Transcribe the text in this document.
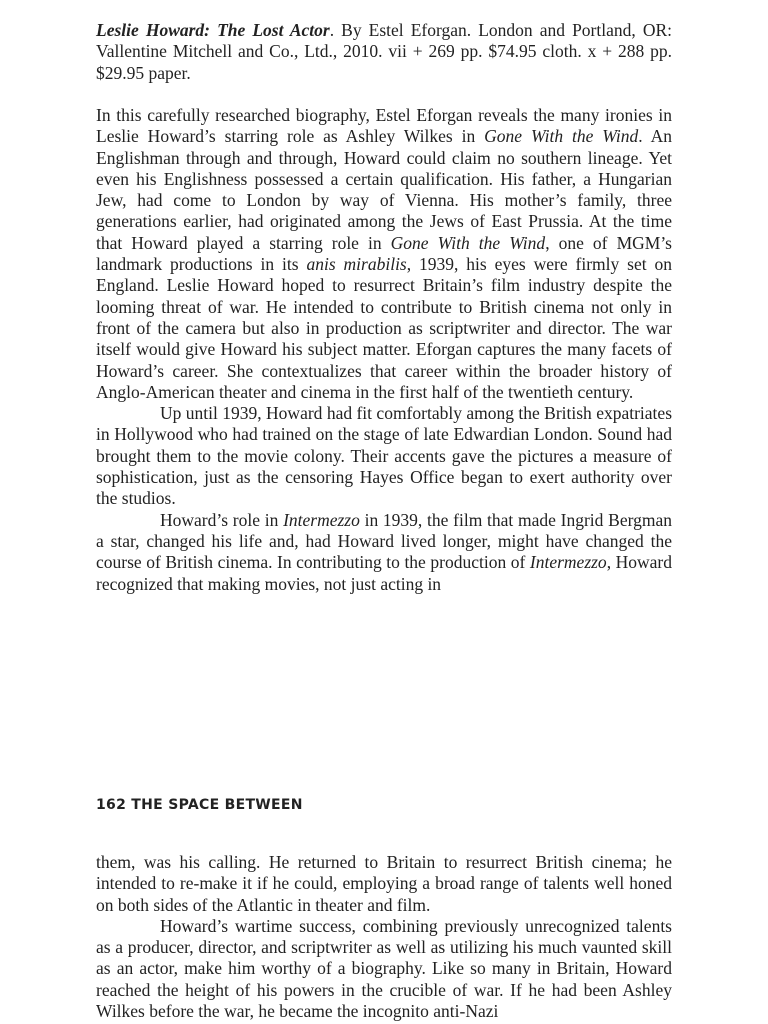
Leslie Howard: The Lost Actor. By Estel Eforgan. London and Portland, OR: Vallentine Mitchell and Co., Ltd., 2010. vii + 269 pp. $74.95 cloth. x + 288 pp. $29.95 paper.

In this carefully researched biography, Estel Eforgan reveals the many ironies in Leslie Howard’s starring role as Ashley Wilkes in Gone With the Wind. An Englishman through and through, Howard could claim no southern lineage. Yet even his Englishness possessed a certain qualification. His father, a Hungarian Jew, had come to London by way of Vienna. His mother’s family, three generations earlier, had originated among the Jews of East Prussia. At the time that Howard played a starring role in Gone With the Wind, one of MGM’s landmark productions in its anis mirabilis, 1939, his eyes were firmly set on England. Leslie Howard hoped to resurrect Britain’s film industry despite the looming threat of war. He intended to contribute to British cinema not only in front of the camera but also in production as scriptwriter and director. The war itself would give Howard his subject matter. Eforgan captures the many facets of Howard’s career. She contextualizes that career within the broader history of Anglo-American theater and cinema in the first half of the twentieth century.

Up until 1939, Howard had fit comfortably among the British expatriates in Hollywood who had trained on the stage of late Edwardian London. Sound had brought them to the movie colony. Their accents gave the pictures a measure of sophistication, just as the censoring Hayes Office began to exert authority over the studios.

Howard’s role in Intermezzo in 1939, the film that made Ingrid Bergman a star, changed his life and, had Howard lived longer, might have changed the course of British cinema. In contributing to the production of Intermezzo, Howard recognized that making movies, not just acting in

162 THE SPACE BETWEEN

them, was his calling. He returned to Britain to resurrect British cinema; he intended to re-make it if he could, employing a broad range of talents well honed on both sides of the Atlantic in theater and film.

Howard’s wartime success, combining previously unrecognized talents as a producer, director, and scriptwriter as well as utilizing his much vaunted skill as an actor, make him worthy of a biography. Like so many in Britain, Howard reached the height of his powers in the crucible of war. If he had been Ashley Wilkes before the war, he became the incognito anti-Nazi
